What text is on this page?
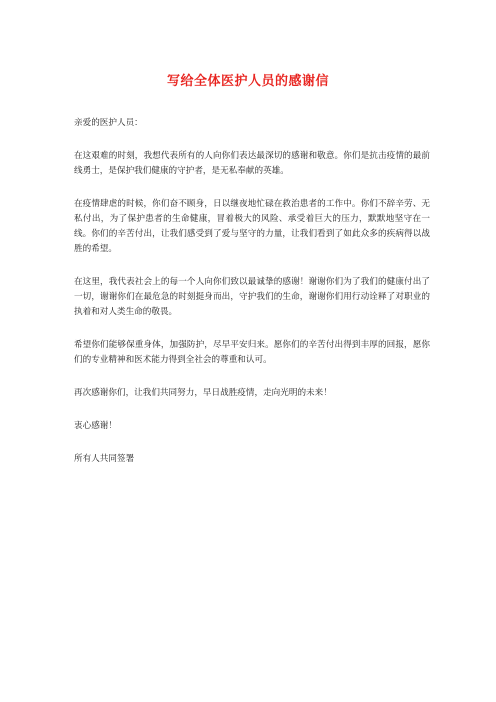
写给全体医护人员的感谢信

亲爱的医护人员：

在这艰难的时刻，我想代表所有的人向你们表达最深切的感谢和敬意。你们是抗击疫情的最前线勇士，是保护我们健康的守护者，是无私奉献的英雄。

在疫情肆虐的时候，你们奋不顾身，日以继夜地忙碌在救治患者的工作中。你们不辞辛劳、无私付出，为了保护患者的生命健康，冒着极大的风险、承受着巨大的压力，默默地坚守在一线。你们的辛苦付出，让我们感受到了爱与坚守的力量，让我们看到了如此众多的疾病得以战胜的希望。

在这里，我代表社会上的每一个人向你们致以最诚挚的感谢！谢谢你们为了我们的健康付出了一切，谢谢你们在最危急的时刻挺身而出，守护我们的生命，谢谢你们用行动诠释了对职业的执着和对人类生命的敬畏。

希望你们能够保重身体，加强防护，尽早平安归来。愿你们的辛苦付出得到丰厚的回报，愿你们的专业精神和医术能力得到全社会的尊重和认可。

再次感谢你们，让我们共同努力，早日战胜疫情，走向光明的未来！

衷心感谢！

所有人共同签署
